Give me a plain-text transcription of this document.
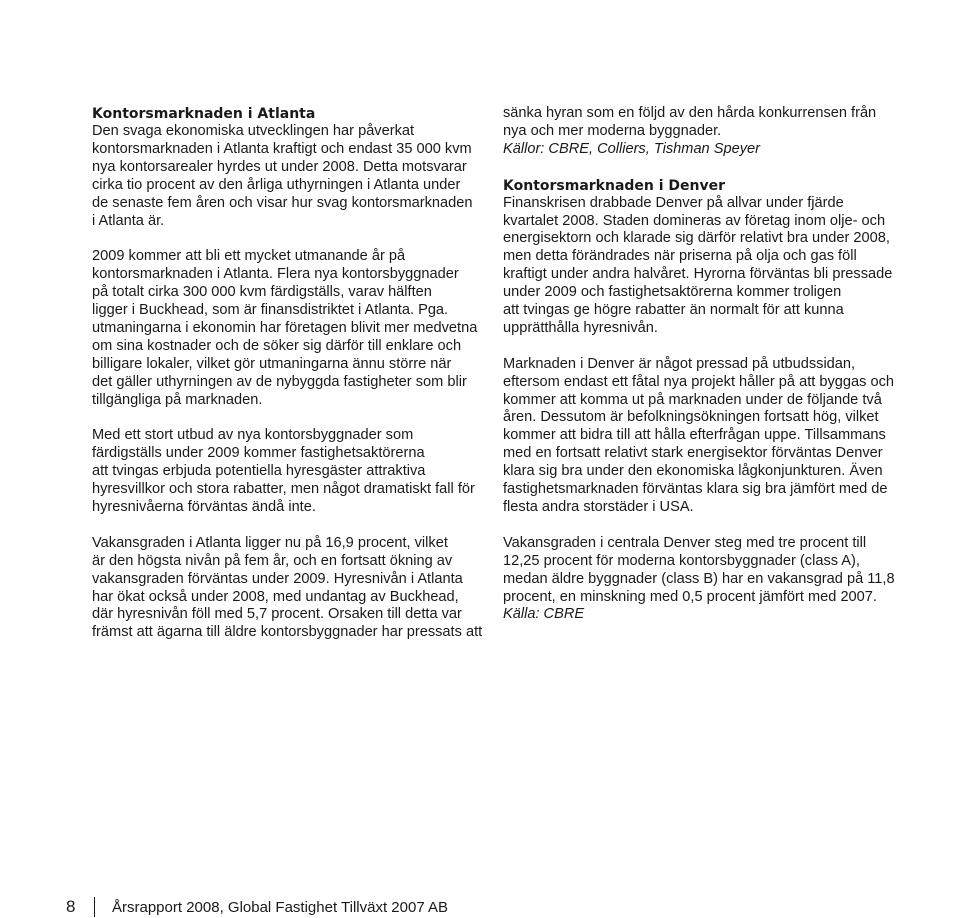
Kontorsmarknaden i Atlanta

Den svaga ekonomiska utvecklingen har påverkat
kontorsmarknaden i Atlanta kraftigt och endast 35 000 kvm
nya kontorsarealer hyrdes ut under 2008. Detta motsvarar
cirka tio procent av den årliga uthyrningen i Atlanta under
de senaste fem åren och visar hur svag kontorsmarknaden
i Atlanta är.

2009 kommer att bli ett mycket utmanande år på
kontorsmarknaden i Atlanta. Flera nya kontorsbyggnader
på totalt cirka 300 000 kvm färdigställs, varav hälften
ligger i Buckhead, som är finansdistriktet i Atlanta. Pga.
utmaningarna i ekonomin har företagen blivit mer medvetna
om sina kostnader och de söker sig därför till enklare och
billigare lokaler, vilket gör utmaningarna ännu större när
det gäller uthyrningen av de nybyggda fastigheter som blir
tillgängliga på marknaden.

Med ett stort utbud av nya kontorsbyggnader som
färdigställs under 2009 kommer fastighetsaktörerna
att tvingas erbjuda potentiella hyresgäster attraktiva
hyresvillkor och stora rabatter, men något dramatiskt fall för
hyresnivåerna förväntas ändå inte.

Vakansgraden i Atlanta ligger nu på 16,9 procent, vilket
är den högsta nivån på fem år, och en fortsatt ökning av
vakansgraden förväntas under 2009. Hyresnivån i Atlanta
har ökat också under 2008, med undantag av Buckhead,
där hyresnivån föll med 5,7 procent. Orsaken till detta var
främst att ägarna till äldre kontorsbyggnader har pressats att

sänka hyran som en följd av den hårda konkurrensen från
nya och mer moderna byggnader.

Källor: CBRE, Colliers, Tishman Speyer

Kontorsmarknaden i Denver

Finanskrisen drabbade Denver på allvar under fjärde
kvartalet 2008. Staden domineras av företag inom olje- och
energisektorn och klarade sig därför relativt bra under 2008,
men detta förändrades när priserna på olja och gas föll
kraftigt under andra halvåret. Hyrorna förväntas bli pressade
under 2009 och fastighetsaktörerna kommer troligen
att tvingas ge högre rabatter än normalt för att kunna
upprätthålla hyresnivån.

Marknaden i Denver är något pressad på utbudssidan,
eftersom endast ett fåtal nya projekt håller på att byggas och
kommer att komma ut på marknaden under de följande två
åren. Dessutom är befolkningsökningen fortsatt hög, vilket
kommer att bidra till att hålla efterfrågan uppe. Tillsammans
med en fortsatt relativt stark energisektor förväntas Denver
klara sig bra under den ekonomiska lågkonjunkturen. Även
fastighetsmarknaden förväntas klara sig bra jämfört med de
flesta andra storstäder i USA.

Vakansgraden i centrala Denver steg med tre procent till
12,25 procent för moderna kontorsbyggnader (class A),
medan äldre byggnader (class B) har en vakansgrad på 11,8
procent, en minskning med 0,5 procent jämfört med 2007.

Källa: CBRE

8	Årsrapport 2008, Global Fastighet Tillväxt 2007 AB
